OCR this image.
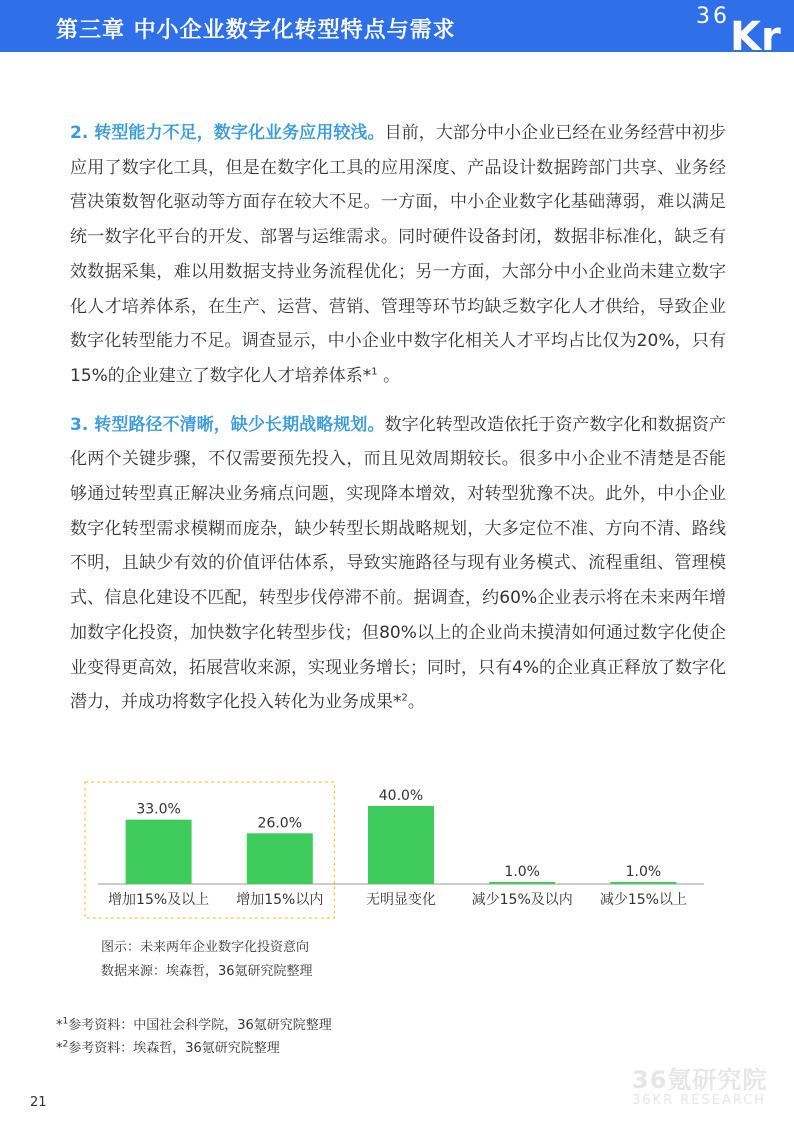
第三章 中小企业数字化转型特点与需求
36 Kr

2. 转型能力不足，数字化业务应用较浅。目前，大部分中小企业已经在业务经营中初步应用了数字化工具，但是在数字化工具的应用深度、产品设计数据跨部门共享、业务经营决策数智化驱动等方面存在较大不足。一方面，中小企业数字化基础薄弱，难以满足统一数字化平台的开发、部署与运维需求。同时硬件设备封闭，数据非标准化，缺乏有效数据采集，难以用数据支持业务流程优化；另一方面，大部分中小企业尚未建立数字化人才培养体系，在生产、运营、营销、管理等环节均缺乏数字化人才供给，导致企业数字化转型能力不足。调查显示，中小企业中数字化相关人才平均占比仅为20%，只有15%的企业建立了数字化人才培养体系*$^1$ 。

3. 转型路径不清晰，缺少长期战略规划。数字化转型改造依托于资产数字化和数据资产化两个关键步骤，不仅需要预先投入，而且见效周期较长。很多中小企业不清楚是否能够通过转型真正解决业务痛点问题，实现降本增效，对转型犹豫不决。此外，中小企业数字化转型需求模糊而庞杂，缺少转型长期战略规划，大多定位不准、方向不清、路线不明，且缺少有效的价值评估体系，导致实施路径与现有业务模式、流程重组、管理模式、信息化建设不匹配，转型步伐停滞不前。据调查，约60%企业表示将在未来两年增加数字化投资，加快数字化转型步伐；但80%以上的企业尚未摸清如何通过数字化使企业变得更高效，拓展营收来源，实现业务增长；同时，只有4%的企业真正释放了数字化潜力，并成功将数字化投入转化为业务成果*$^2$。

33.0%
增加15%及以上
26.0%
增加15%以内
40.0%
无明显变化
1.0%
减少15%及以内
1.0%
减少15%以上
图示：未来两年企业数字化投资意向
数据来源：埃森哲，36氪研究院整理
*$^1$参考资料：中国社会科学院，36氪研究院整理
*$^2$参考资料：埃森哲，36氪研究院整理
36氪研究院
36KR RESEARCH
21
